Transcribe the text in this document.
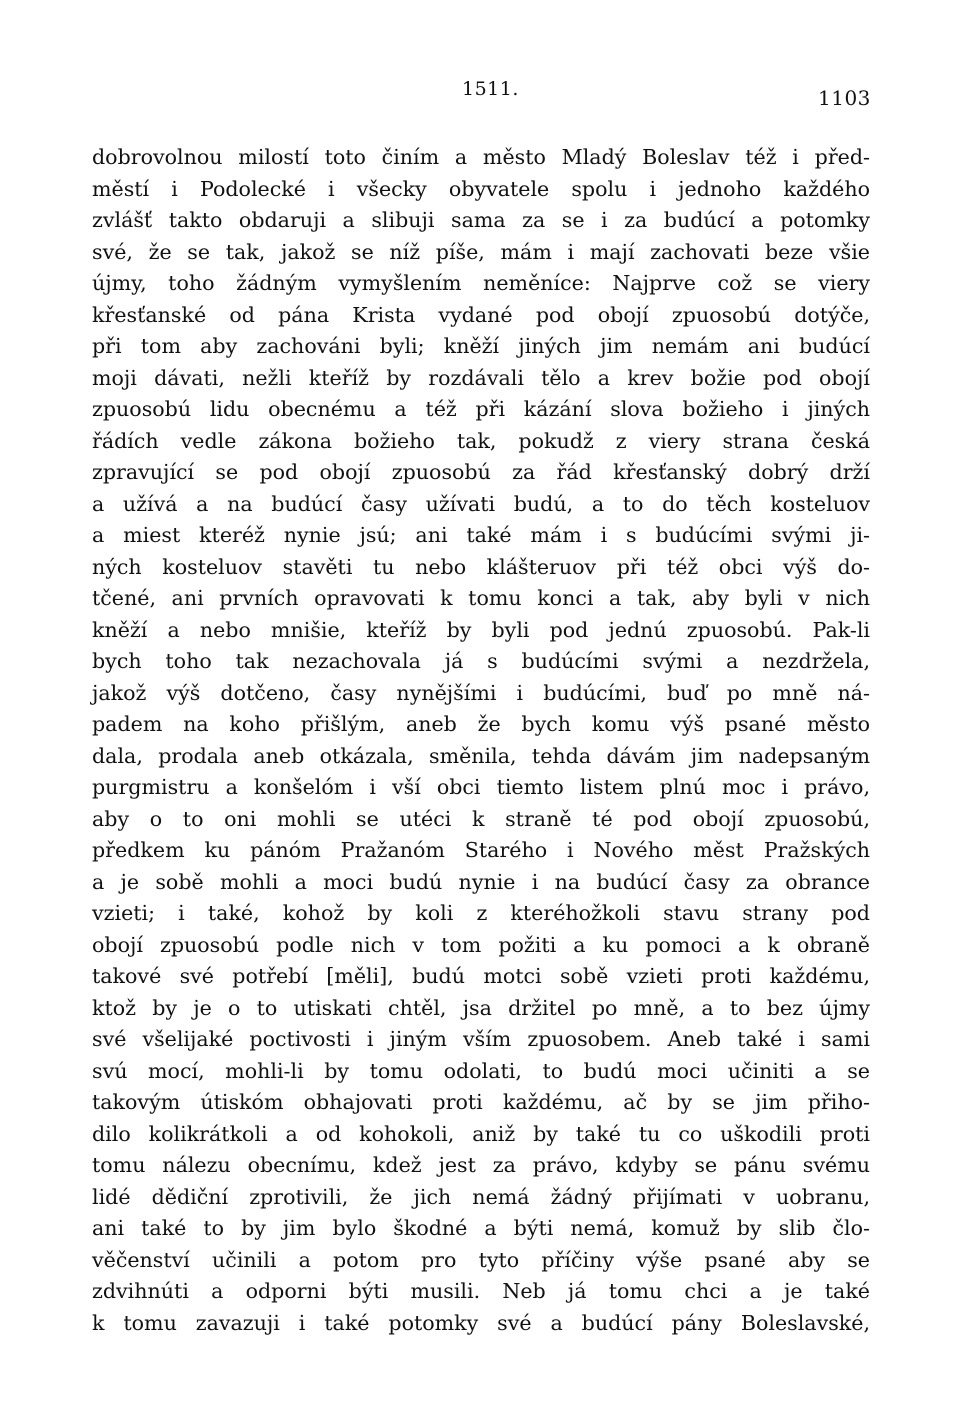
1511.	1103
dobrovolnou milostí toto činím a město Mladý Boleslav též i před-
městí i Podolecké i všecky obyvatele spolu i jednoho každého
zvlášť takto obdaruji a slibuji sama za se i za budúcí a potomky
své, že se tak, jakož se níž píše, mám i mají zachovati beze všie
újmy, toho žádným vymyšlením neměníce: Najprve což se viery
křesťanské od pána Krista vydané pod obojí zpuosobú dotýče,
při tom aby zachováni byli; kněží jiných jim nemám ani budúcí
moji dávati, nežli kteříž by rozdávali tělo a krev božie pod obojí
zpuosobú lidu obecnému a též při kázání slova božieho i jiných
řádích vedle zákona božieho tak, pokudž z viery strana česká
zpravující se pod obojí zpuosobú za řád křesťanský dobrý drží
a užívá a na budúcí časy užívati budú, a to do těch kosteluov
a miest kteréž nynie jsú; ani také mám i s budúcími svými ji-
ných kosteluov stavěti tu nebo klášteruov při též obci výš do-
tčené, ani prvních opravovati k tomu konci a tak, aby byli v nich
kněží a nebo mnišie, kteříž by byli pod jednú zpuosobú. Pak-li
bych toho tak nezachovala já s budúcími svými a nezdržela,
jakož výš dotčeno, časy nynějšími i budúcími, buď po mně ná-
padem na koho přišlým, aneb že bych komu výš psané město
dala, prodala aneb otkázala, směnila, tehda dávám jim nadepsaným
purgmistru a konšelóm i vší obci tiemto listem plnú moc i právo,
aby o to oni mohli se utéci k straně té pod obojí zpuosobú,
předkem ku pánóm Pražanóm Starého i Nového měst Pražských
a je sobě mohli a moci budú nynie i na budúcí časy za obrance
vzieti; i také, kohož by koli z kteréhožkoli stavu strany pod
obojí zpuosobú podle nich v tom požiti a ku pomoci a k obraně
takové své potřebí [měli], budú motci sobě vzieti proti každému,
ktož by je o to utiskati chtěl, jsa držitel po mně, a to bez újmy
své všelijaké poctivosti i jiným vším zpuosobem. Aneb také i sami
svú mocí, mohli-li by tomu odolati, to budú moci učiniti a se
takovým útiskóm obhajovati proti každému, ač by se jim přiho-
dilo kolikrátkoli a od kohokoli, aniž by také tu co uškodili proti
tomu nálezu obecnímu, kdež jest za právo, kdyby se pánu svému
lidé dědiční zprotivili, že jich nemá žádný přijímati v uobranu,
ani také to by jim bylo škodné a býti nemá, komuž by slib člo-
věčenství učinili a potom pro tyto příčiny výše psané aby se
zdvihnúti a odporni býti musili. Neb já tomu chci a je také
k tomu zavazuji i také potomky své a budúcí pány Boleslavské,
